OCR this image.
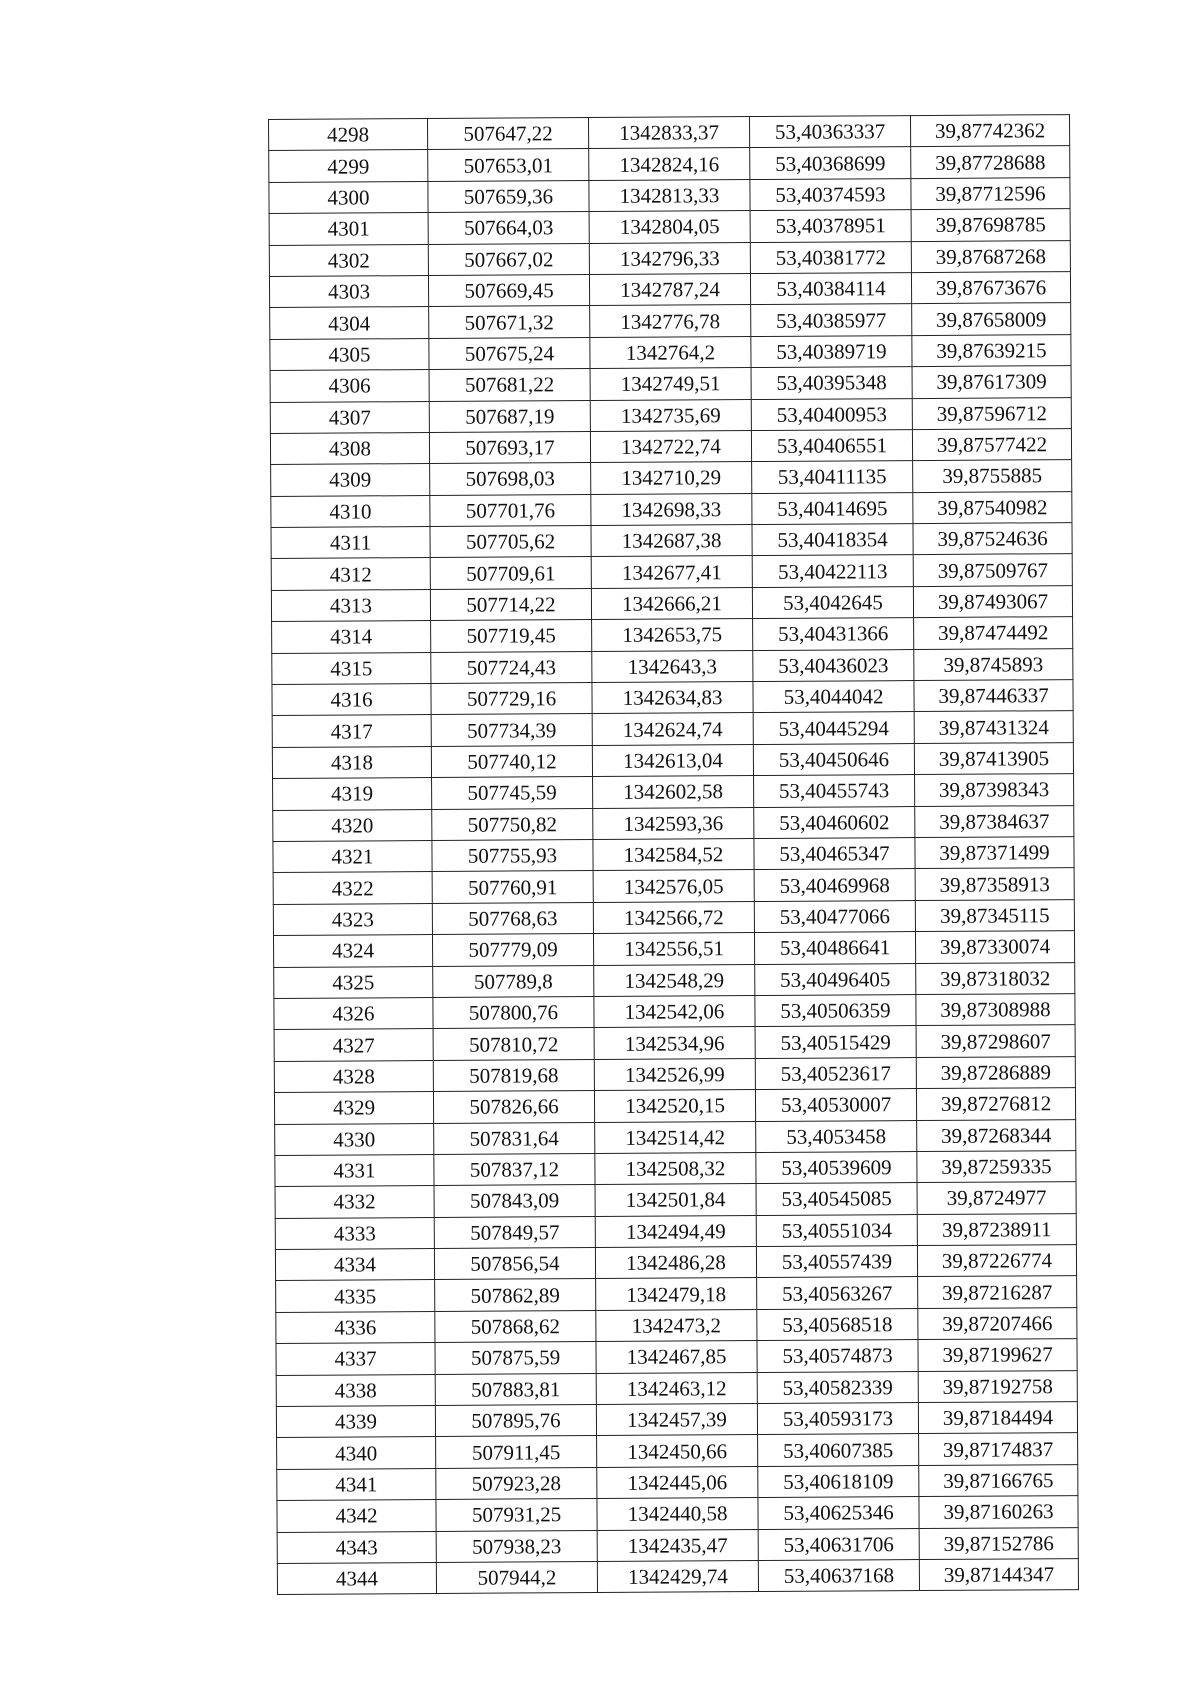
4298	507647,22	1342833,37	53,40363337	39,87742362
4299	507653,01	1342824,16	53,40368699	39,87728688
4300	507659,36	1342813,33	53,40374593	39,87712596
4301	507664,03	1342804,05	53,40378951	39,87698785
4302	507667,02	1342796,33	53,40381772	39,87687268
4303	507669,45	1342787,24	53,40384114	39,87673676
4304	507671,32	1342776,78	53,40385977	39,87658009
4305	507675,24	1342764,2	53,40389719	39,87639215
4306	507681,22	1342749,51	53,40395348	39,87617309
4307	507687,19	1342735,69	53,40400953	39,87596712
4308	507693,17	1342722,74	53,40406551	39,87577422
4309	507698,03	1342710,29	53,40411135	39,8755885
4310	507701,76	1342698,33	53,40414695	39,87540982
4311	507705,62	1342687,38	53,40418354	39,87524636
4312	507709,61	1342677,41	53,40422113	39,87509767
4313	507714,22	1342666,21	53,4042645	39,87493067
4314	507719,45	1342653,75	53,40431366	39,87474492
4315	507724,43	1342643,3	53,40436023	39,8745893
4316	507729,16	1342634,83	53,4044042	39,87446337
4317	507734,39	1342624,74	53,40445294	39,87431324
4318	507740,12	1342613,04	53,40450646	39,87413905
4319	507745,59	1342602,58	53,40455743	39,87398343
4320	507750,82	1342593,36	53,40460602	39,87384637
4321	507755,93	1342584,52	53,40465347	39,87371499
4322	507760,91	1342576,05	53,40469968	39,87358913
4323	507768,63	1342566,72	53,40477066	39,87345115
4324	507779,09	1342556,51	53,40486641	39,87330074
4325	507789,8	1342548,29	53,40496405	39,87318032
4326	507800,76	1342542,06	53,40506359	39,87308988
4327	507810,72	1342534,96	53,40515429	39,87298607
4328	507819,68	1342526,99	53,40523617	39,87286889
4329	507826,66	1342520,15	53,40530007	39,87276812
4330	507831,64	1342514,42	53,4053458	39,87268344
4331	507837,12	1342508,32	53,40539609	39,87259335
4332	507843,09	1342501,84	53,40545085	39,8724977
4333	507849,57	1342494,49	53,40551034	39,87238911
4334	507856,54	1342486,28	53,40557439	39,87226774
4335	507862,89	1342479,18	53,40563267	39,87216287
4336	507868,62	1342473,2	53,40568518	39,87207466
4337	507875,59	1342467,85	53,40574873	39,87199627
4338	507883,81	1342463,12	53,40582339	39,87192758
4339	507895,76	1342457,39	53,40593173	39,87184494
4340	507911,45	1342450,66	53,40607385	39,87174837
4341	507923,28	1342445,06	53,40618109	39,87166765
4342	507931,25	1342440,58	53,40625346	39,87160263
4343	507938,23	1342435,47	53,40631706	39,87152786
4344	507944,2	1342429,74	53,40637168	39,87144347
